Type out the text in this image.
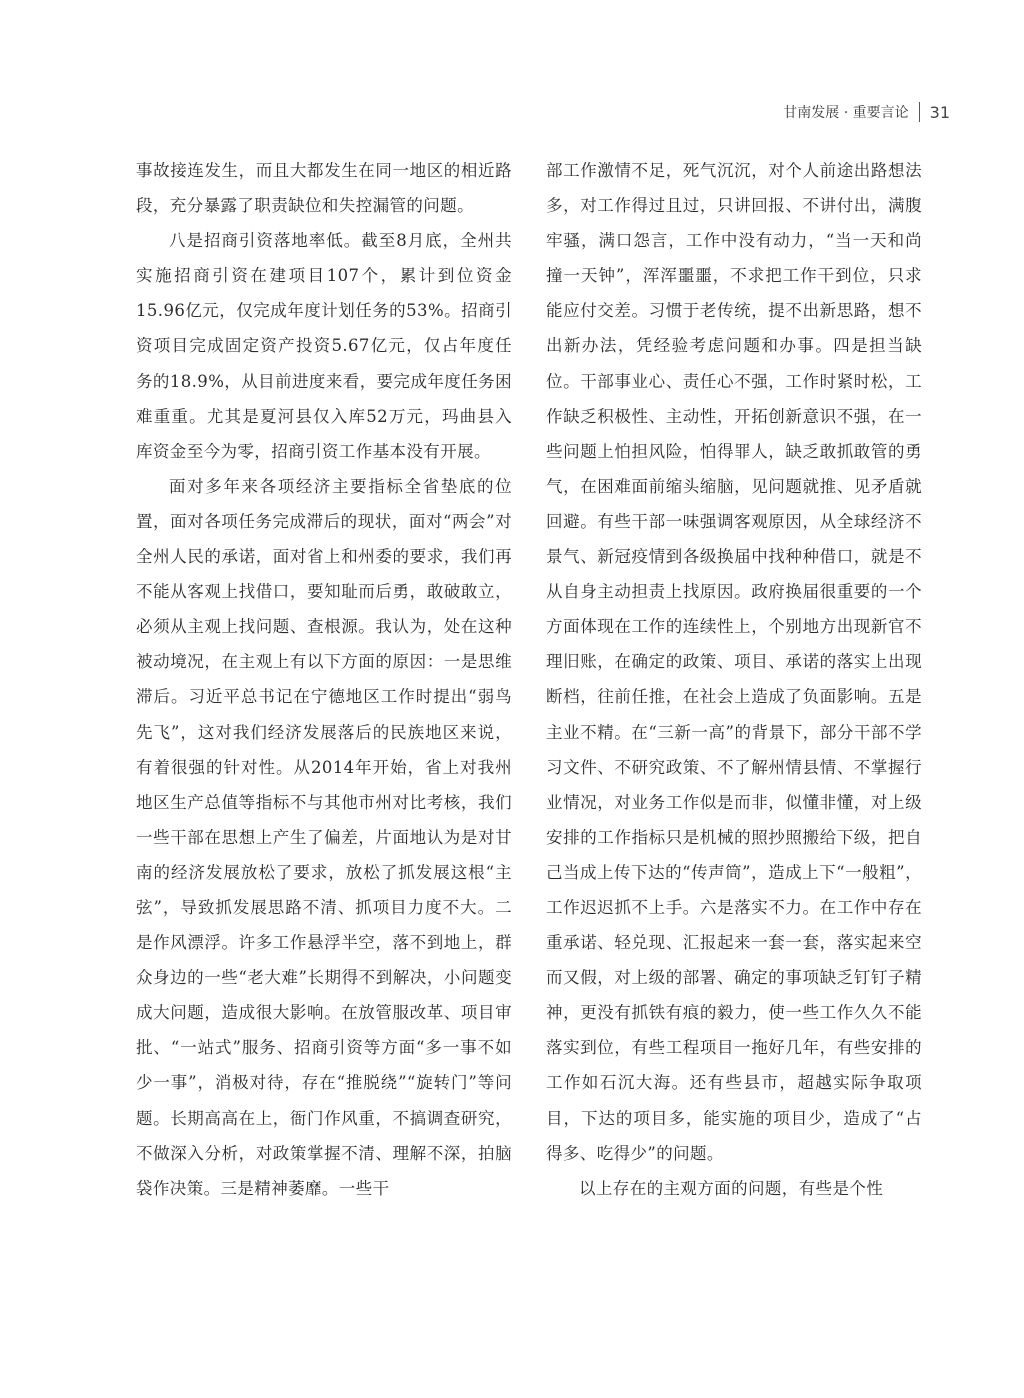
甘南发展 · 重要言论 31

事故接连发生，而且大都发生在同一地区的相近路段，充分暴露了职责缺位和失控漏管的问题。

八是招商引资落地率低。截至8月底，全州共实施招商引资在建项目107个，累计到位资金15.96亿元，仅完成年度计划任务的53%。招商引资项目完成固定资产投资5.67亿元，仅占年度任务的18.9%，从目前进度来看，要完成年度任务困难重重。尤其是夏河县仅入库52万元，玛曲县入库资金至今为零，招商引资工作基本没有开展。

面对多年来各项经济主要指标全省垫底的位置，面对各项任务完成滞后的现状，面对“两会”对全州人民的承诺，面对省上和州委的要求，我们再不能从客观上找借口，要知耻而后勇，敢破敢立，必须从主观上找问题、查根源。我认为，处在这种被动境况，在主观上有以下方面的原因：一是思维滞后。习近平总书记在宁德地区工作时提出“弱鸟先飞”，这对我们经济发展落后的民族地区来说，有着很强的针对性。从2014年开始，省上对我州地区生产总值等指标不与其他市州对比考核，我们一些干部在思想上产生了偏差，片面地认为是对甘南的经济发展放松了要求，放松了抓发展这根“主弦”，导致抓发展思路不清、抓项目力度不大。二是作风漂浮。许多工作悬浮半空，落不到地上，群众身边的一些“老大难”长期得不到解决，小问题变成大问题，造成很大影响。在放管服改革、项目审批、“一站式”服务、招商引资等方面“多一事不如少一事”，消极对待，存在“推脱绕”“旋转门”等问题。长期高高在上，衙门作风重，不搞调查研究，不做深入分析，对政策掌握不清、理解不深，拍脑袋作决策。三是精神萎靡。一些干

部工作激情不足，死气沉沉，对个人前途出路想法多，对工作得过且过，只讲回报、不讲付出，满腹牢骚，满口怨言，工作中没有动力，“当一天和尚撞一天钟”，浑浑噩噩，不求把工作干到位，只求能应付交差。习惯于老传统，提不出新思路，想不出新办法，凭经验考虑问题和办事。四是担当缺位。干部事业心、责任心不强，工作时紧时松，工作缺乏积极性、主动性，开拓创新意识不强，在一些问题上怕担风险，怕得罪人，缺乏敢抓敢管的勇气，在困难面前缩头缩脑，见问题就推、见矛盾就回避。有些干部一味强调客观原因，从全球经济不景气、新冠疫情到各级换届中找种种借口，就是不从自身主动担责上找原因。政府换届很重要的一个方面体现在工作的连续性上，个别地方出现新官不理旧账，在确定的政策、项目、承诺的落实上出现断档，往前任推，在社会上造成了负面影响。五是主业不精。在“三新一高”的背景下，部分干部不学习文件、不研究政策、不了解州情县情、不掌握行业情况，对业务工作似是而非，似懂非懂，对上级安排的工作指标只是机械的照抄照搬给下级，把自己当成上传下达的“传声筒”，造成上下“一般粗”，工作迟迟抓不上手。六是落实不力。在工作中存在重承诺、轻兑现、汇报起来一套一套，落实起来空而又假，对上级的部署、确定的事项缺乏钉钉子精神，更没有抓铁有痕的毅力，使一些工作久久不能落实到位，有些工程项目一拖好几年，有些安排的工作如石沉大海。还有些县市，超越实际争取项目，下达的项目多，能实施的项目少，造成了“占得多、吃得少”的问题。

以上存在的主观方面的问题，有些是个性
